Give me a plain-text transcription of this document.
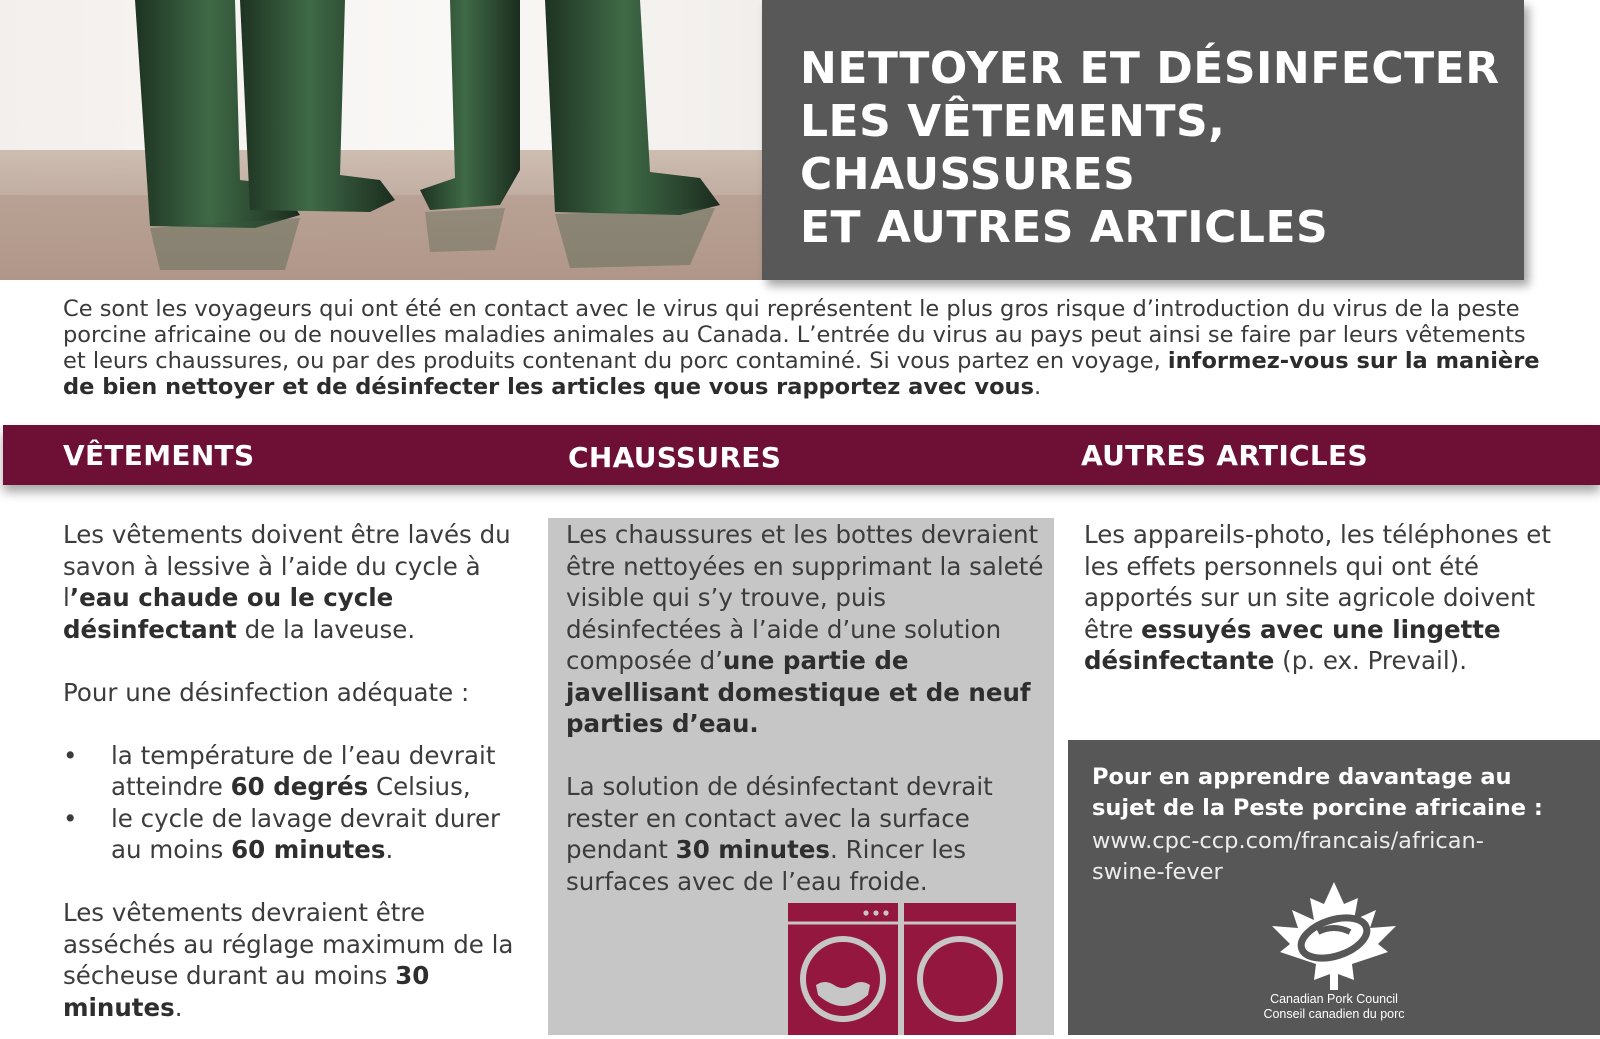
NETTOYER ET DÉSINFECTER
LES VÊTEMENTS,
CHAUSSURES
ET AUTRES ARTICLES

Ce sont les voyageurs qui ont été en contact avec le virus qui représentent le plus gros risque d’introduction du virus de la peste porcine africaine ou de nouvelles maladies animales au Canada. L’entrée du virus au pays peut ainsi se faire par leurs vêtements et leurs chaussures, ou par des produits contenant du porc contaminé. Si vous partez en voyage, informez-vous sur la manière de bien nettoyer et de désinfecter les articles que vous rapportez avec vous.

VÊTEMENTS	CHAUSSURES	AUTRES ARTICLES

Les vêtements doivent être lavés du savon à lessive à l’aide du cycle à l’eau chaude ou le cycle désinfectant de la laveuse.

Pour une désinfection adéquate :

• la température de l’eau devrait atteindre 60 degrés Celsius,
• le cycle de lavage devrait durer au moins 60 minutes.

Les vêtements devraient être asséchés au réglage maximum de la sécheuse durant au moins 30 minutes.

Les chaussures et les bottes devraient être nettoyées en supprimant la saleté visible qui s’y trouve, puis désinfectées à l’aide d’une solution composée d’une partie de javellisant domestique et de neuf parties d’eau.

La solution de désinfectant devrait rester en contact avec la surface pendant 30 minutes. Rincer les surfaces avec de l’eau froide.

Les appareils-photo, les téléphones et les effets personnels qui ont été apportés sur un site agricole doivent être essuyés avec une lingette désinfectante (p. ex. Prevail).

Pour en apprendre davantage au sujet de la Peste porcine africaine :

www.cpc-ccp.com/francais/african-swine-fever

Canadian Pork Council

Conseil canadien du porc
